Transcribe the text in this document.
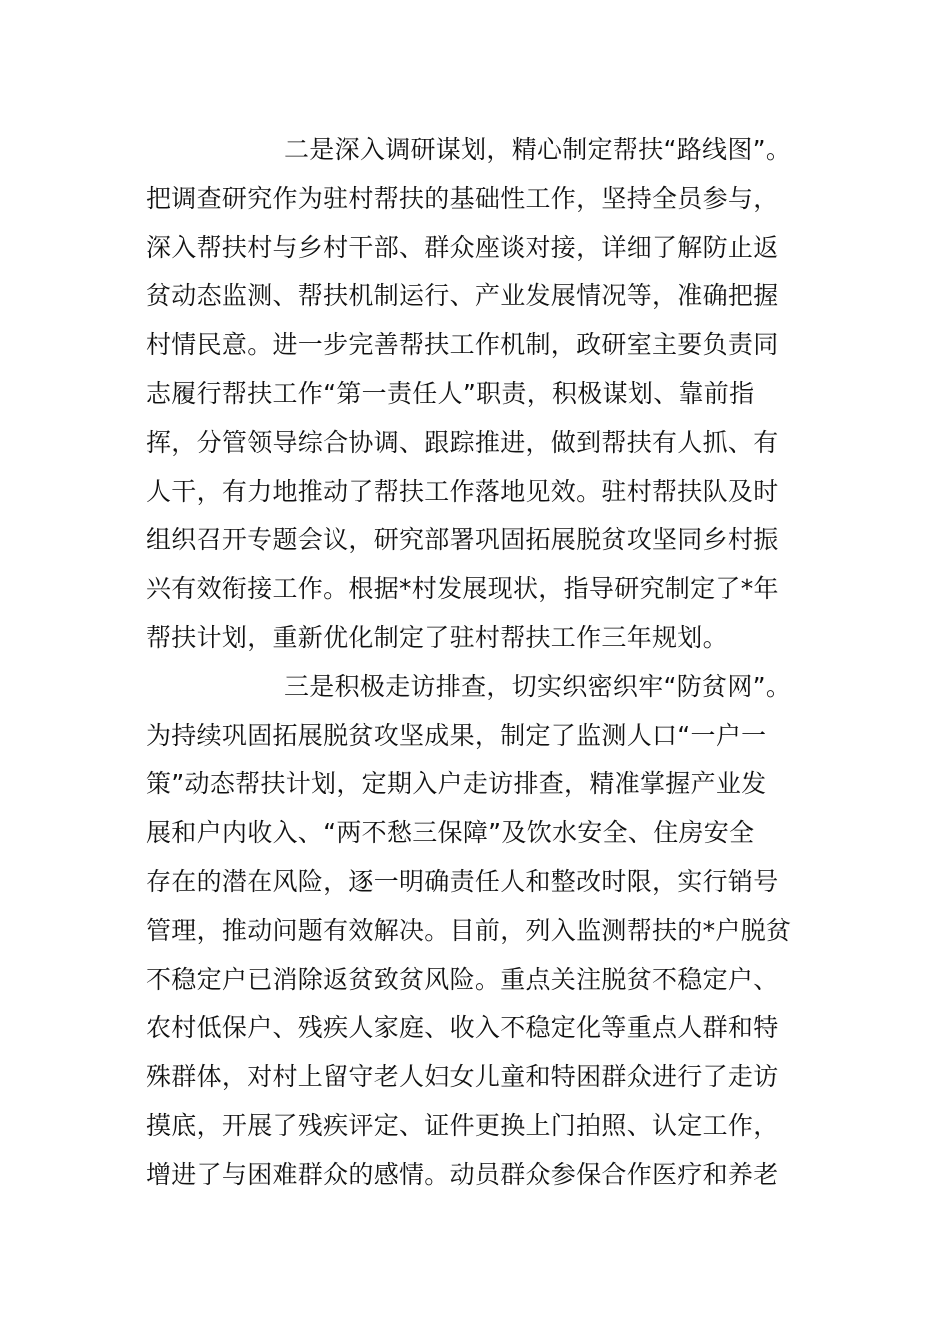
二是深入调研谋划，精心制定帮扶“路线图”。
把调查研究作为驻村帮扶的基础性工作，坚持全员参与，
深入帮扶村与乡村干部、群众座谈对接，详细了解防止返
贫动态监测、帮扶机制运行、产业发展情况等，准确把握
村情民意。进一步完善帮扶工作机制，政研室主要负责同
志履行帮扶工作“第一责任人”职责，积极谋划、靠前指
挥，分管领导综合协调、跟踪推进，做到帮扶有人抓、有
人干，有力地推动了帮扶工作落地见效。驻村帮扶队及时
组织召开专题会议，研究部署巩固拓展脱贫攻坚同乡村振
兴有效衔接工作。根据*村发展现状，指导研究制定了*年
帮扶计划，重新优化制定了驻村帮扶工作三年规划。
三是积极走访排查，切实织密织牢“防贫网”。
为持续巩固拓展脱贫攻坚成果，制定了监测人口“一户一
策”动态帮扶计划，定期入户走访排查，精准掌握产业发
展和户内收入、“两不愁三保障”及饮水安全、住房安全
存在的潜在风险，逐一明确责任人和整改时限，实行销号
管理，推动问题有效解决。目前，列入监测帮扶的*户脱贫
不稳定户已消除返贫致贫风险。重点关注脱贫不稳定户、
农村低保户、残疾人家庭、收入不稳定化等重点人群和特
殊群体，对村上留守老人妇女儿童和特困群众进行了走访
摸底，开展了残疾评定、证件更换上门拍照、认定工作，
增进了与困难群众的感情。动员群众参保合作医疗和养老
